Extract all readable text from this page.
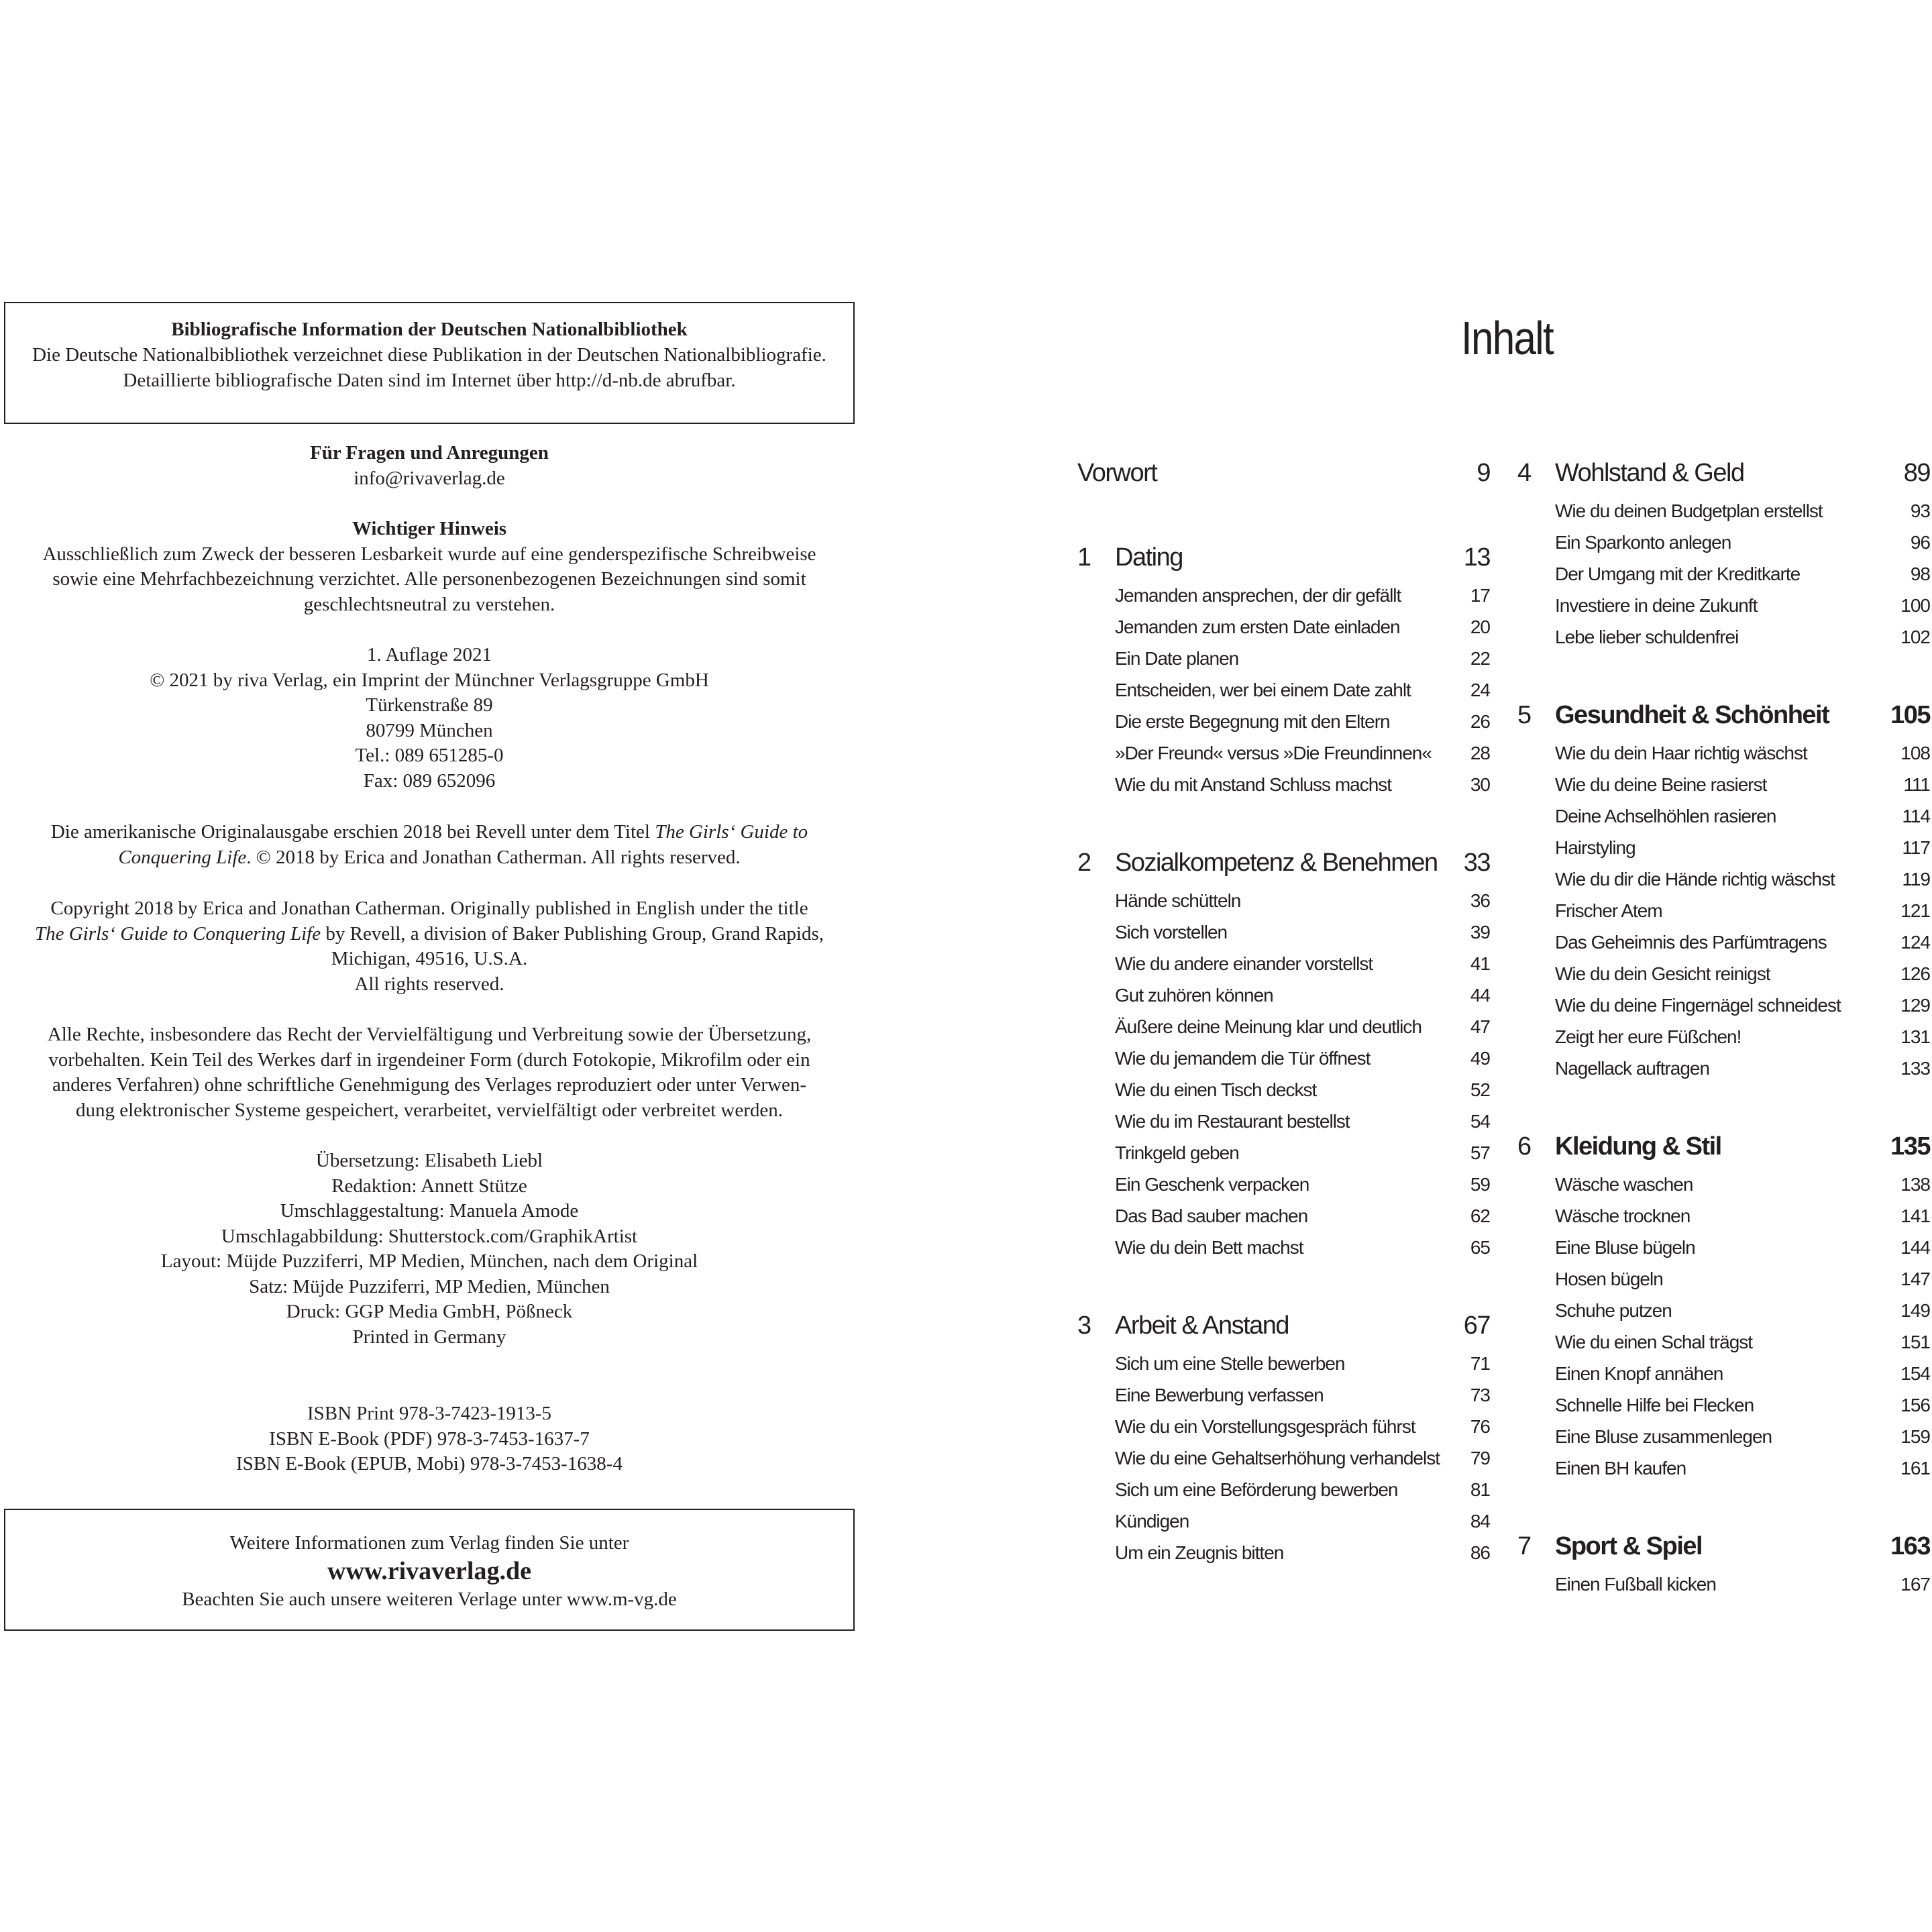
Bibliografische Information der Deutschen Nationalbibliothek
Die Deutsche Nationalbibliothek verzeichnet diese Publikation in der Deutschen Nationalbibliografie.
Detaillierte bibliografische Daten sind im Internet über http://d-nb.de abrufbar.

Für Fragen und Anregungen

info@rivaverlag.de

Wichtiger Hinweis

Ausschließlich zum Zweck der besseren Lesbarkeit wurde auf eine genderspezifische Schreibweise

sowie eine Mehrfachbezeichnung verzichtet. Alle personenbezogenen Bezeichnungen sind somit

geschlechtsneutral zu verstehen.

1. Auflage 2021

© 2021 by riva Verlag, ein Imprint der Münchner Verlagsgruppe GmbH

Türkenstraße 89

80799 München

Tel.: 089 651285-0

Fax: 089 652096

Die amerikanische Originalausgabe erschien 2018 bei Revell unter dem Titel The Girls‘ Guide to

Conquering Life. © 2018 by Erica and Jonathan Catherman. All rights reserved.

Copyright 2018 by Erica and Jonathan Catherman. Originally published in English under the title

The Girls‘ Guide to Conquering Life by Revell, a division of Baker Publishing Group, Grand Rapids,

Michigan, 49516, U.S.A.

All rights reserved.

Alle Rechte, insbesondere das Recht der Vervielfältigung und Verbreitung sowie der Übersetzung,

vorbehalten. Kein Teil des Werkes darf in irgendeiner Form (durch Fotokopie, Mikrofilm oder ein

anderes Verfahren) ohne schriftliche Genehmigung des Verlages reproduziert oder unter Verwen-

dung elektronischer Systeme gespeichert, verarbeitet, vervielfältigt oder verbreitet werden.

Übersetzung: Elisabeth Liebl

Redaktion: Annett Stütze

Umschlaggestaltung: Manuela Amode

Umschlagabbildung: Shutterstock.com/GraphikArtist

Layout: Müjde Puzziferri, MP Medien, München, nach dem Original

Satz: Müjde Puzziferri, MP Medien, München

Druck: GGP Media GmbH, Pößneck

Printed in Germany

ISBN Print 978-3-7423-1913-5

ISBN E-Book (PDF) 978-3-7453-1637-7

ISBN E-Book (EPUB, Mobi) 978-3-7453-1638-4

Weitere Informationen zum Verlag finden Sie unter
www.rivaverlag.de
Beachten Sie auch unsere weiteren Verlage unter www.m-vg.de
Inhalt
Vorwort	9
1 Dating	13
Jemanden ansprechen, der dir gefällt	17
Jemanden zum ersten Date einladen	20
Ein Date planen	22
Entscheiden, wer bei einem Date zahlt	24
Die erste Begegnung mit den Eltern	26
»Der Freund« versus »Die Freundinnen« 28
Wie du mit Anstand Schluss machst	30
2 Sozialkompetenz & Benehmen 33
Hände schütteln	36
Sich vorstellen	39
Wie du andere einander vorstellst	41
Gut zuhören können	44
Äußere deine Meinung klar und deutlich	47
Wie du jemandem die Tür öffnest	49
Wie du einen Tisch deckst	52
Wie du im Restaurant bestellst	54
Trinkgeld geben	57
Ein Geschenk verpacken	59
Das Bad sauber machen	62
Wie du dein Bett machst	65
3 Arbeit & Anstand	67
Sich um eine Stelle bewerben	71
Eine Bewerbung verfassen	73
Wie du ein Vorstellungsgespräch führst	76
Wie du eine Gehaltserhöhung verhandelst 79
Sich um eine Beförderung bewerben	81
Kündigen	84
Um ein Zeugnis bitten	86
4 Wohlstand & Geld	89
Wie du deinen Budgetplan erstellst	93
Ein Sparkonto anlegen	96
Der Umgang mit der Kreditkarte	98
Investiere in deine Zukunft	100
Lebe lieber schuldenfrei	102
5 Gesundheit & Schönheit 105
Wie du dein Haar richtig wäschst	108
Wie du deine Beine rasierst	111
Deine Achselhöhlen rasieren	114
Hairstyling	117
Wie du dir die Hände richtig wäschst	119
Frischer Atem	121
Das Geheimnis des Parfümtragens	124
Wie du dein Gesicht reinigst	126
Wie du deine Fingernägel schneidest	129
Zeigt her eure Füßchen!	131
Nagellack auftragen	133
6 Kleidung & Stil	135
Wäsche waschen	138
Wäsche trocknen	141
Eine Bluse bügeln	144
Hosen bügeln	147
Schuhe putzen	149
Wie du einen Schal trägst	151
Einen Knopf annähen	154
Schnelle Hilfe bei Flecken	156
Eine Bluse zusammenlegen	159
Einen BH kaufen	161
7 Sport & Spiel	163
Einen Fußball kicken	167
